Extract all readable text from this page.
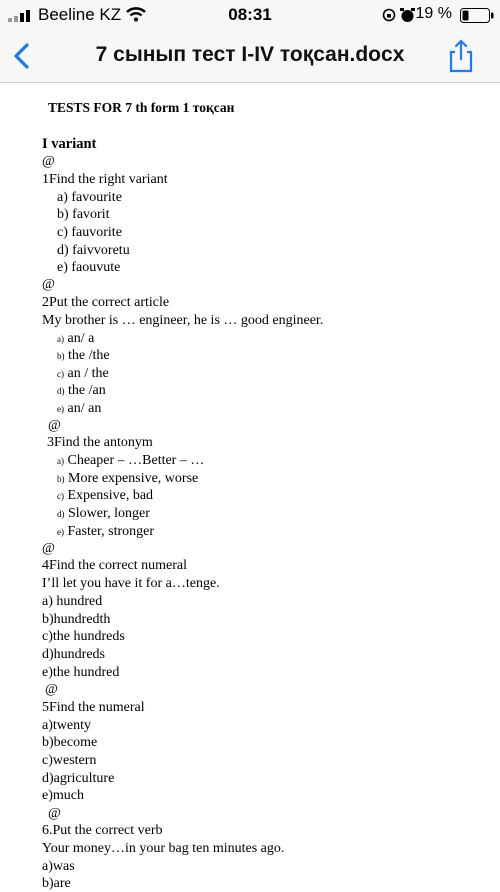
Beeline KZ	08:31	19 %
7 сынып тест I-IV тоқсан.docx
TESTS FOR 7 th form 1 тоқсан
I variant
@
1Find the right variant
a) favourite
b) favorit
c) fauvorite
d) faivvoretu
e) faouvute
@
2Put the correct article
My brother is … engineer, he is … good engineer.
a) an/ a
b) the /the
c) an / the
d) the /an
e) an/ an
@
3Find the antonym
a) Cheaper – …Better – …
b) More expensive, worse
c) Expensive, bad
d) Slower, longer
e) Faster, stronger
@
4Find the correct numeral
I’ll let you have it for a…tenge.
a) hundred
b)hundredth
c)the hundreds
d)hundreds
e)the hundred
@
5Find the numeral
a)twenty
b)become
c)western
d)agriculture
e)much
@
6.Put the correct verb
Your money…in your bag ten minutes ago.
a)was
b)are
